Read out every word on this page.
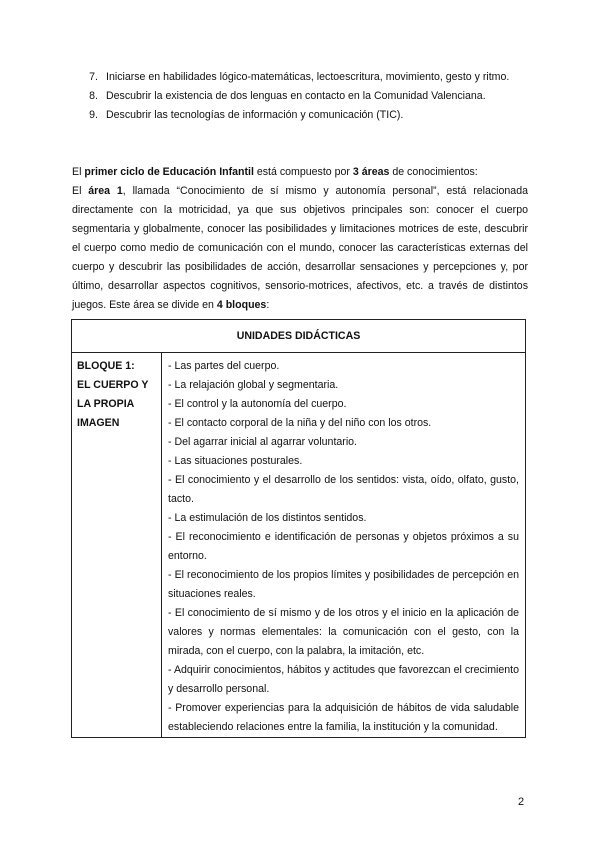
7. Iniciarse en habilidades lógico-matemáticas, lectoescritura, movimiento, gesto y ritmo.
8. Descubrir la existencia de dos lenguas en contacto en la Comunidad Valenciana.
9. Descubrir las tecnologías de información y comunicación (TIC).
El primer ciclo de Educación Infantil está compuesto por 3 áreas de conocimientos:
El área 1, llamada “Conocimiento de sí mismo y autonomía personal”, está relacionada directamente con la motricidad, ya que sus objetivos principales son: conocer el cuerpo segmentaria y globalmente, conocer las posibilidades y limitaciones motrices de este, descubrir el cuerpo como medio de comunicación con el mundo, conocer las características externas del cuerpo y descubrir las posibilidades de acción, desarrollar sensaciones y percepciones y, por último, desarrollar aspectos cognitivos, sensorio-motrices, afectivos, etc. a través de distintos juegos. Este área se divide en 4 bloques:
UNIDADES DIDÁCTICAS

BLOQUE 1:
EL CUERPO Y
LA PROPIA
IMAGEN

- Las partes del cuerpo.
- La relajación global y segmentaria.
- El control y la autonomía del cuerpo.
- El contacto corporal de la niña y del niño con los otros.
- Del agarrar inicial al agarrar voluntario.
- Las situaciones posturales.
- El conocimiento y el desarrollo de los sentidos: vista, oído, olfato, gusto, tacto.
- La estimulación de los distintos sentidos.
- El reconocimiento e identificación de personas y objetos próximos a su entorno.
- El reconocimiento de los propios límites y posibilidades de percepción en situaciones reales.
- El conocimiento de sí mismo y de los otros y el inicio en la aplicación de valores y normas elementales: la comunicación con el gesto, con la mirada, con el cuerpo, con la palabra, la imitación, etc.
- Adquirir conocimientos, hábitos y actitudes que favorezcan el crecimiento y desarrollo personal.
- Promover experiencias para la adquisición de hábitos de vida saludable estableciendo relaciones entre la familia, la institución y la comunidad.
2
